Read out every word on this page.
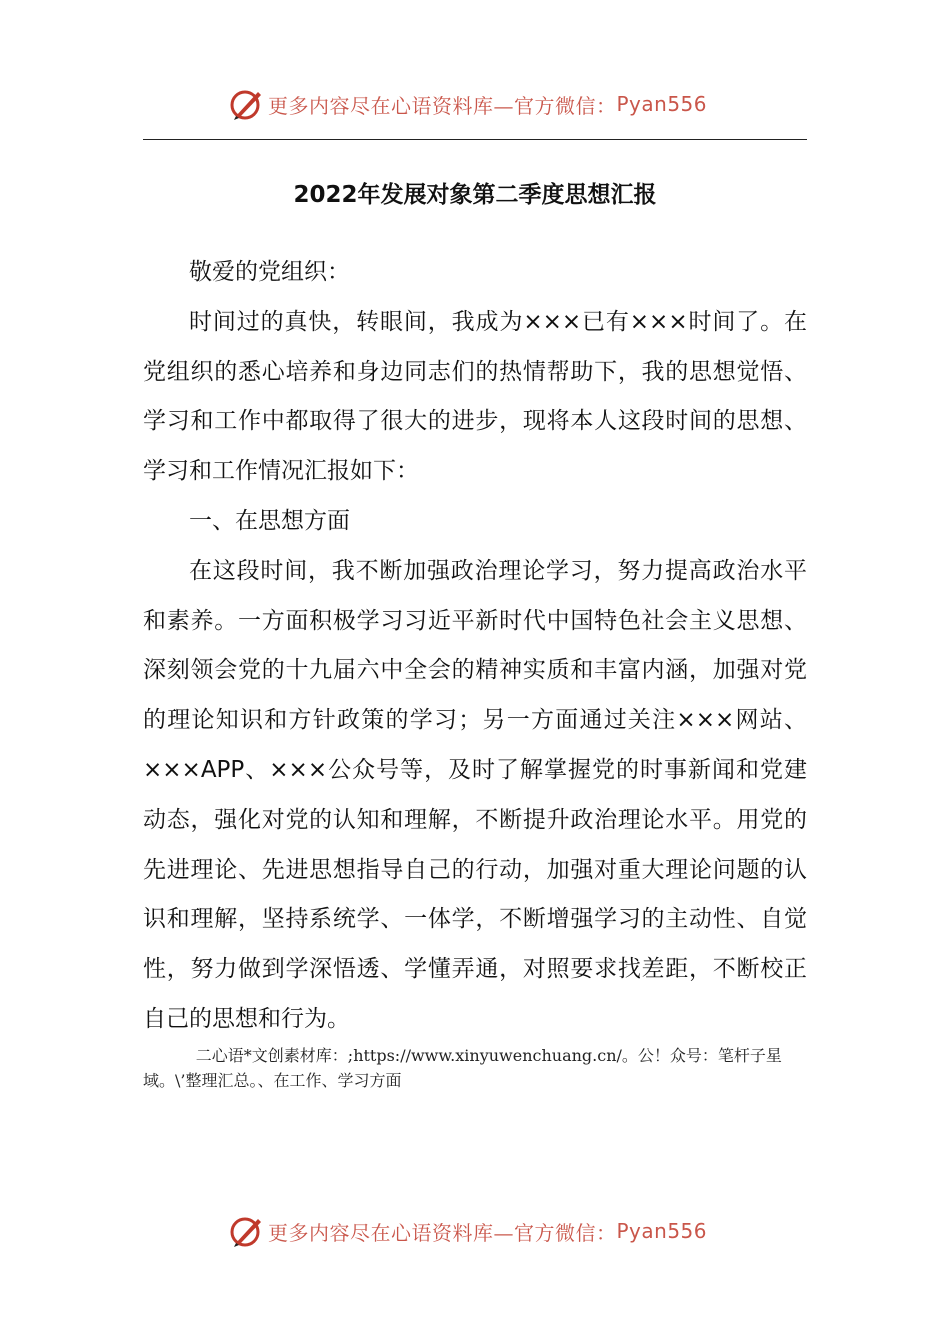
更多内容尽在心语资料库—官方微信： Pyan556
2022年发展对象第二季度思想汇报

敬爱的党组织：

时间过的真快，转眼间，我成为×××已有×××时间了。在党组织的悉心培养和身边同志们的热情帮助下，我的思想觉悟、学习和工作中都取得了很大的进步，现将本人这段时间的思想、学习和工作情况汇报如下：

一、在思想方面

在这段时间，我不断加强政治理论学习，努力提高政治水平和素养。一方面积极学习习近平新时代中国特色社会主义思想、深刻领会党的十九届六中全会的精神实质和丰富内涵，加强对党的理论知识和方针政策的学习；另一方面通过关注×××网站、×××APP、×××公众号等，及时了解掌握党的时事新闻和党建动态，强化对党的认知和理解，不断提升政治理论水平。用党的先进理论、先进思想指导自己的行动，加强对重大理论问题的认识和理解，坚持系统学、一体学，不断增强学习的主动性、自觉性，努力做到学深悟透、学懂弄通，对照要求找差距，不断校正自己的思想和行为。

二心语*文创素材库：;https://www.xinyuwenchuang.cn/。公！众号：笔杆子星域。\’整理汇总。、在工作、学习方面
更多内容尽在心语资料库—官方微信： Pyan556
